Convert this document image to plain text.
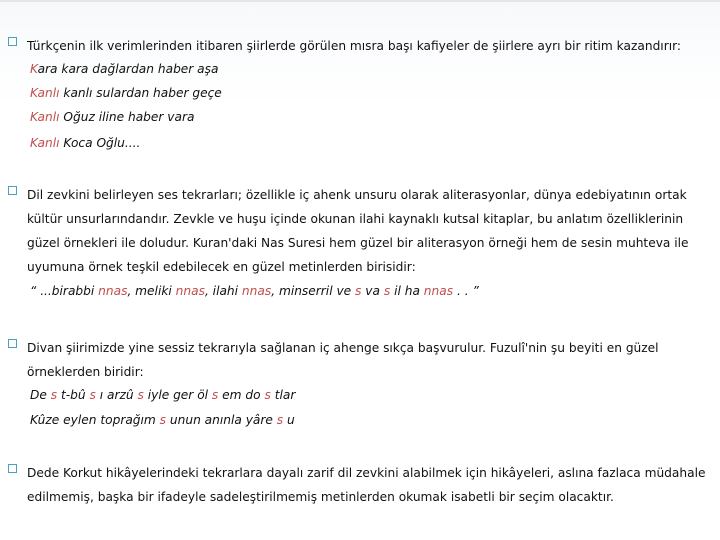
Türkçenin ilk verimlerinden itibaren şiirlerde görülen mısra başı kafiyeler de şiirlere ayrı bir ritim kazandırır:
Kara kara dağlardan haber aşa
Kanlı kanlı sulardan haber geçe
Kanlı Oğuz iline haber vara
Kanlı Koca Oğlu....
Dil zevkini belirleyen ses tekrarları; özellikle iç ahenk unsuru olarak aliterasyonlar, dünya edebiyatının ortak
kültür unsurlarındandır. Zevkle ve huşu içinde okunan ilahi kaynaklı kutsal kitaplar, bu anlatım özelliklerinin
güzel örnekleri ile doludur. Kuran'daki Nas Suresi hem güzel bir aliterasyon örneği hem de sesin muhteva ile
uyumuna örnek teşkil edebilecek en güzel metinlerden birisidir:
“ ...birabbi nnas, meliki nnas, ilahi nnas, minserril ve s va s il ha nnas . . ”
Divan şiirimizde yine sessiz tekrarıyla sağlanan iç ahenge sıkça başvurulur. Fuzulî'nin şu beyiti en güzel
örneklerden biridir:
De s t-bû s ı arzû s iyle ger öl s em do s tlar
Kûze eylen toprağım s unun anınla yâre s u
Dede Korkut hikâyelerindeki tekrarlara dayalı zarif dil zevkini alabilmek için hikâyeleri, aslına fazlaca müdahale
edilmemiş, başka bir ifadeyle sadeleştirilmemiş metinlerden okumak isabetli bir seçim olacaktır.
